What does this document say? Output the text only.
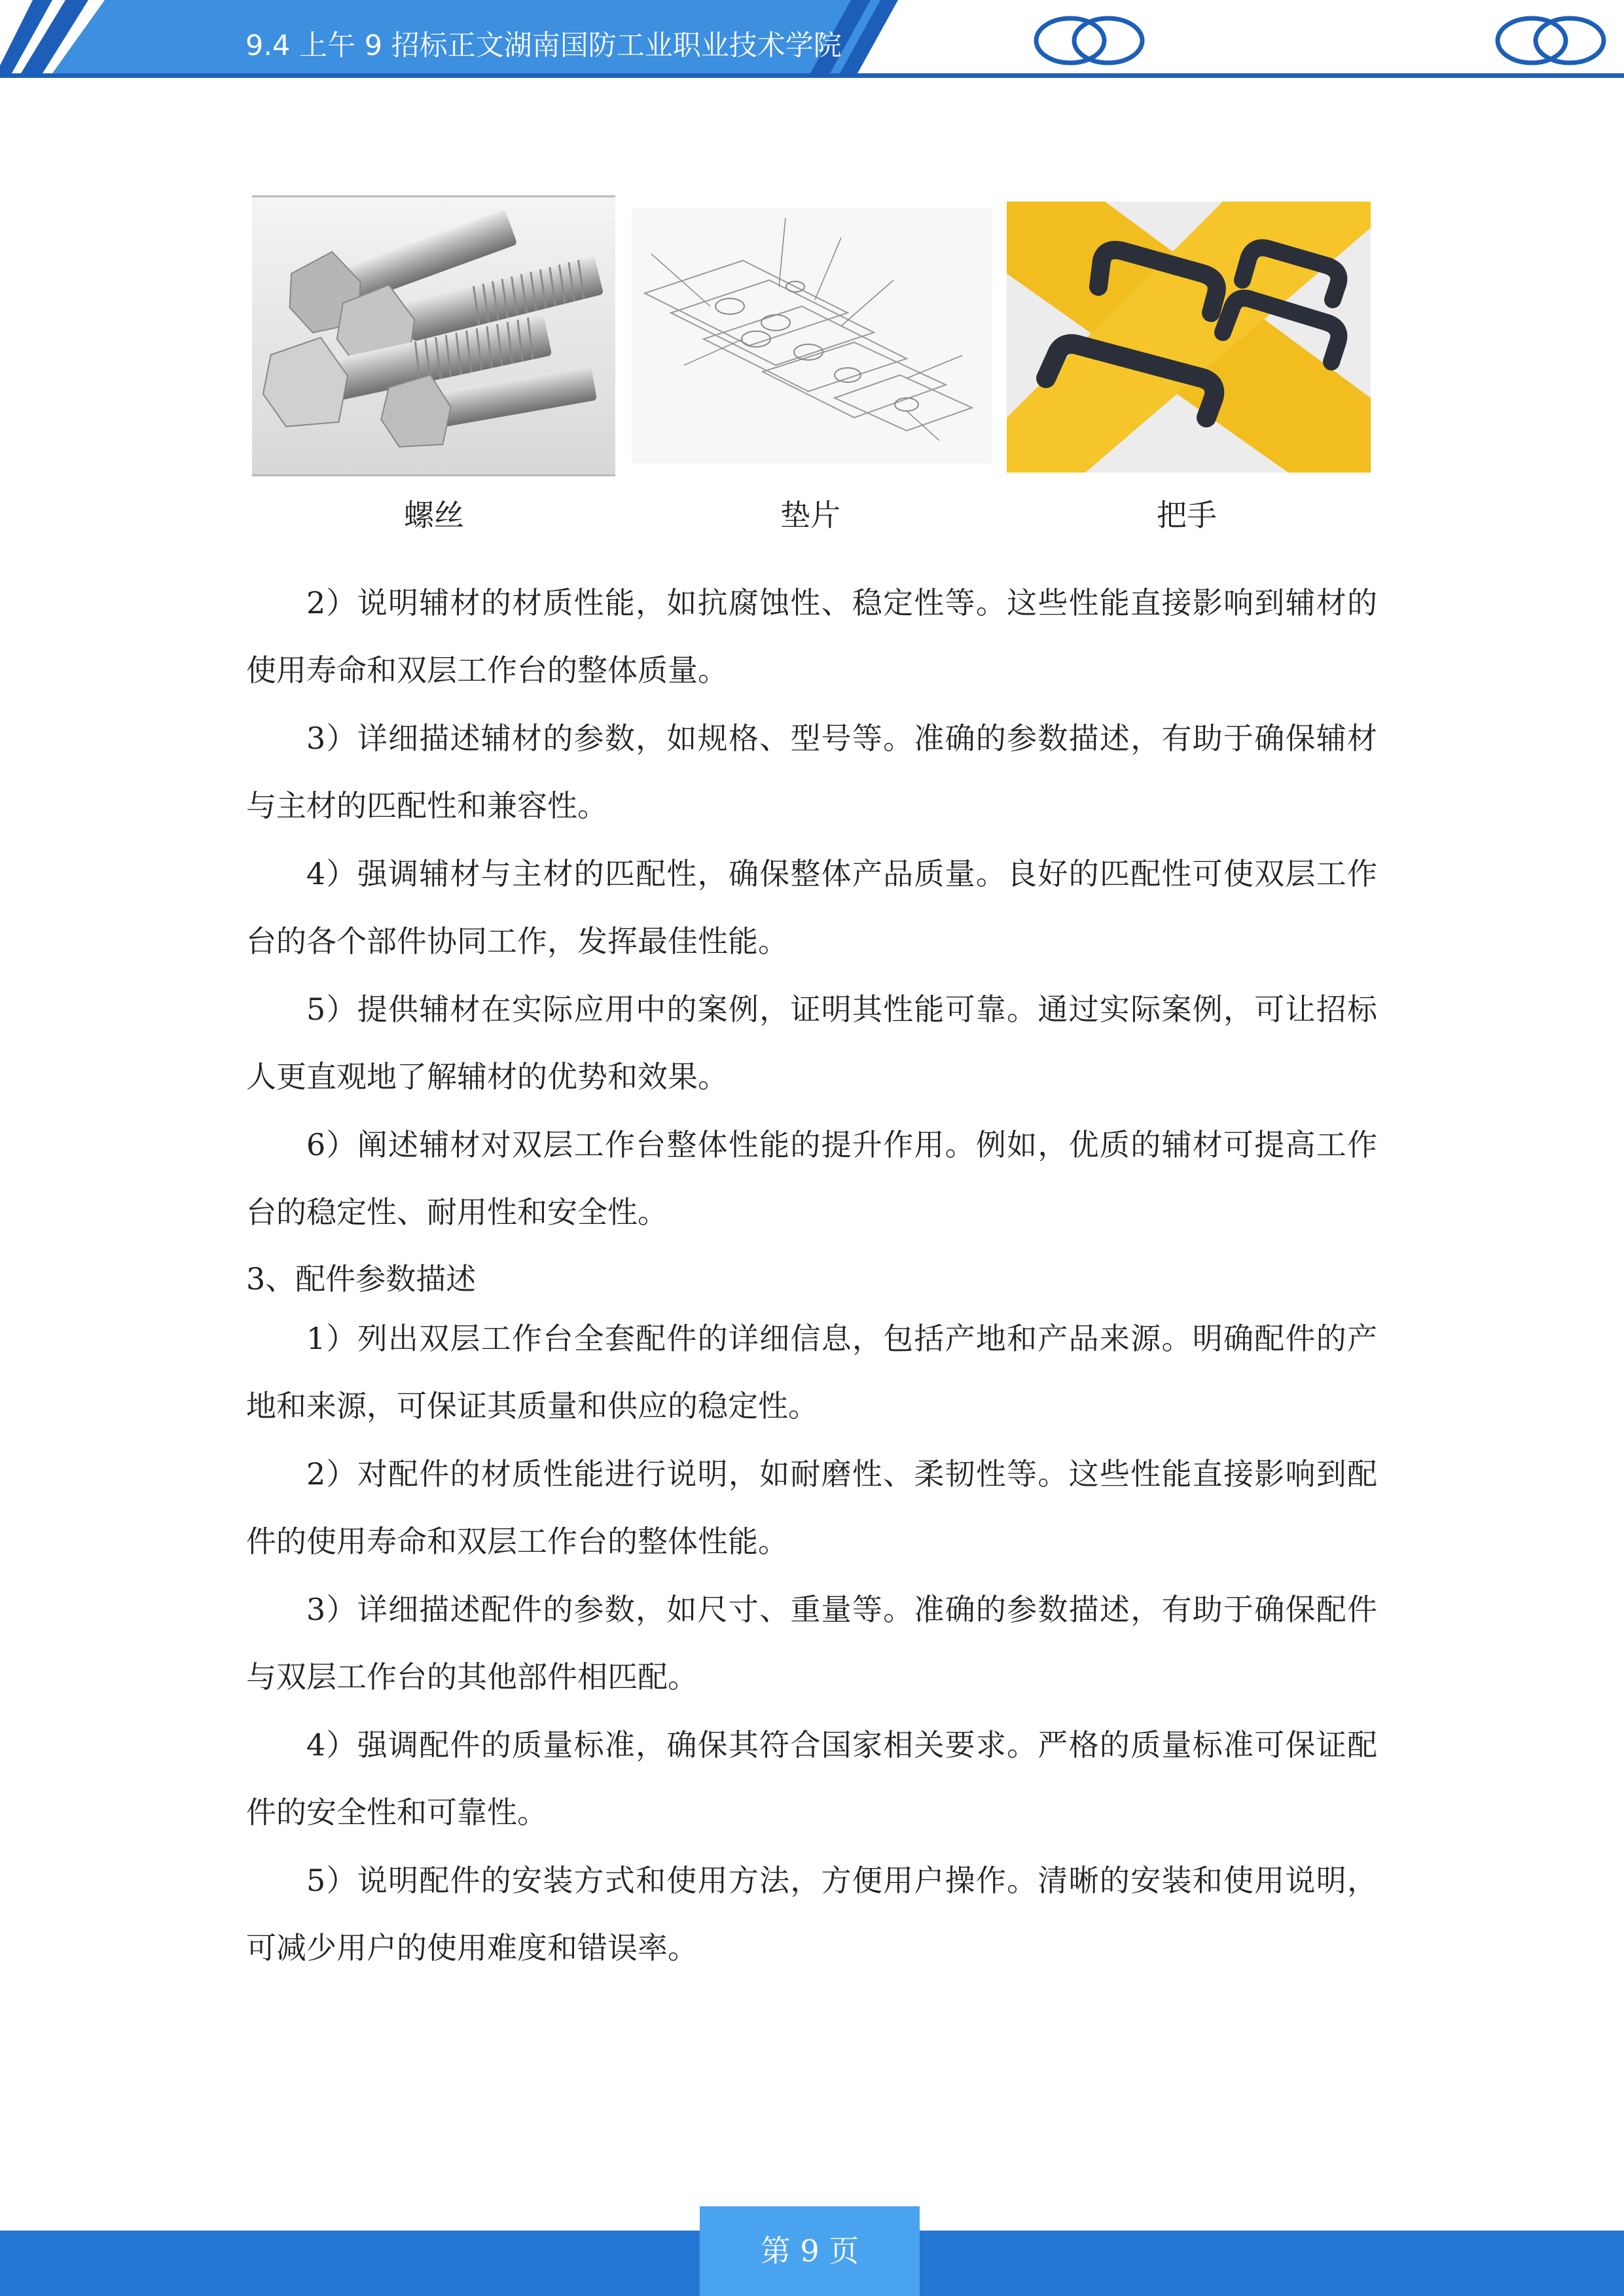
9.4 上午 9 招标正文湖南国防工业职业技术学院
螺丝	垫片	把手

2）说明辅材的材质性能，如抗腐蚀性、稳定性等。这些性能直接影响到辅材的使用寿命和双层工作台的整体质量。

3）详细描述辅材的参数，如规格、型号等。准确的参数描述，有助于确保辅材与主材的匹配性和兼容性。

4）强调辅材与主材的匹配性，确保整体产品质量。良好的匹配性可使双层工作台的各个部件协同工作，发挥最佳性能。

5）提供辅材在实际应用中的案例，证明其性能可靠。通过实际案例，可让招标人更直观地了解辅材的优势和效果。

6）阐述辅材对双层工作台整体性能的提升作用。例如，优质的辅材可提高工作台的稳定性、耐用性和安全性。

3、配件参数描述

1）列出双层工作台全套配件的详细信息，包括产地和产品来源。明确配件的产地和来源，可保证其质量和供应的稳定性。

2）对配件的材质性能进行说明，如耐磨性、柔韧性等。这些性能直接影响到配件的使用寿命和双层工作台的整体性能。

3）详细描述配件的参数，如尺寸、重量等。准确的参数描述，有助于确保配件与双层工作台的其他部件相匹配。

4）强调配件的质量标准，确保其符合国家相关要求。严格的质量标准可保证配件的安全性和可靠性。

5）说明配件的安装方式和使用方法，方便用户操作。清晰的安装和使用说明，可减少用户的使用难度和错误率。

第 9 页
